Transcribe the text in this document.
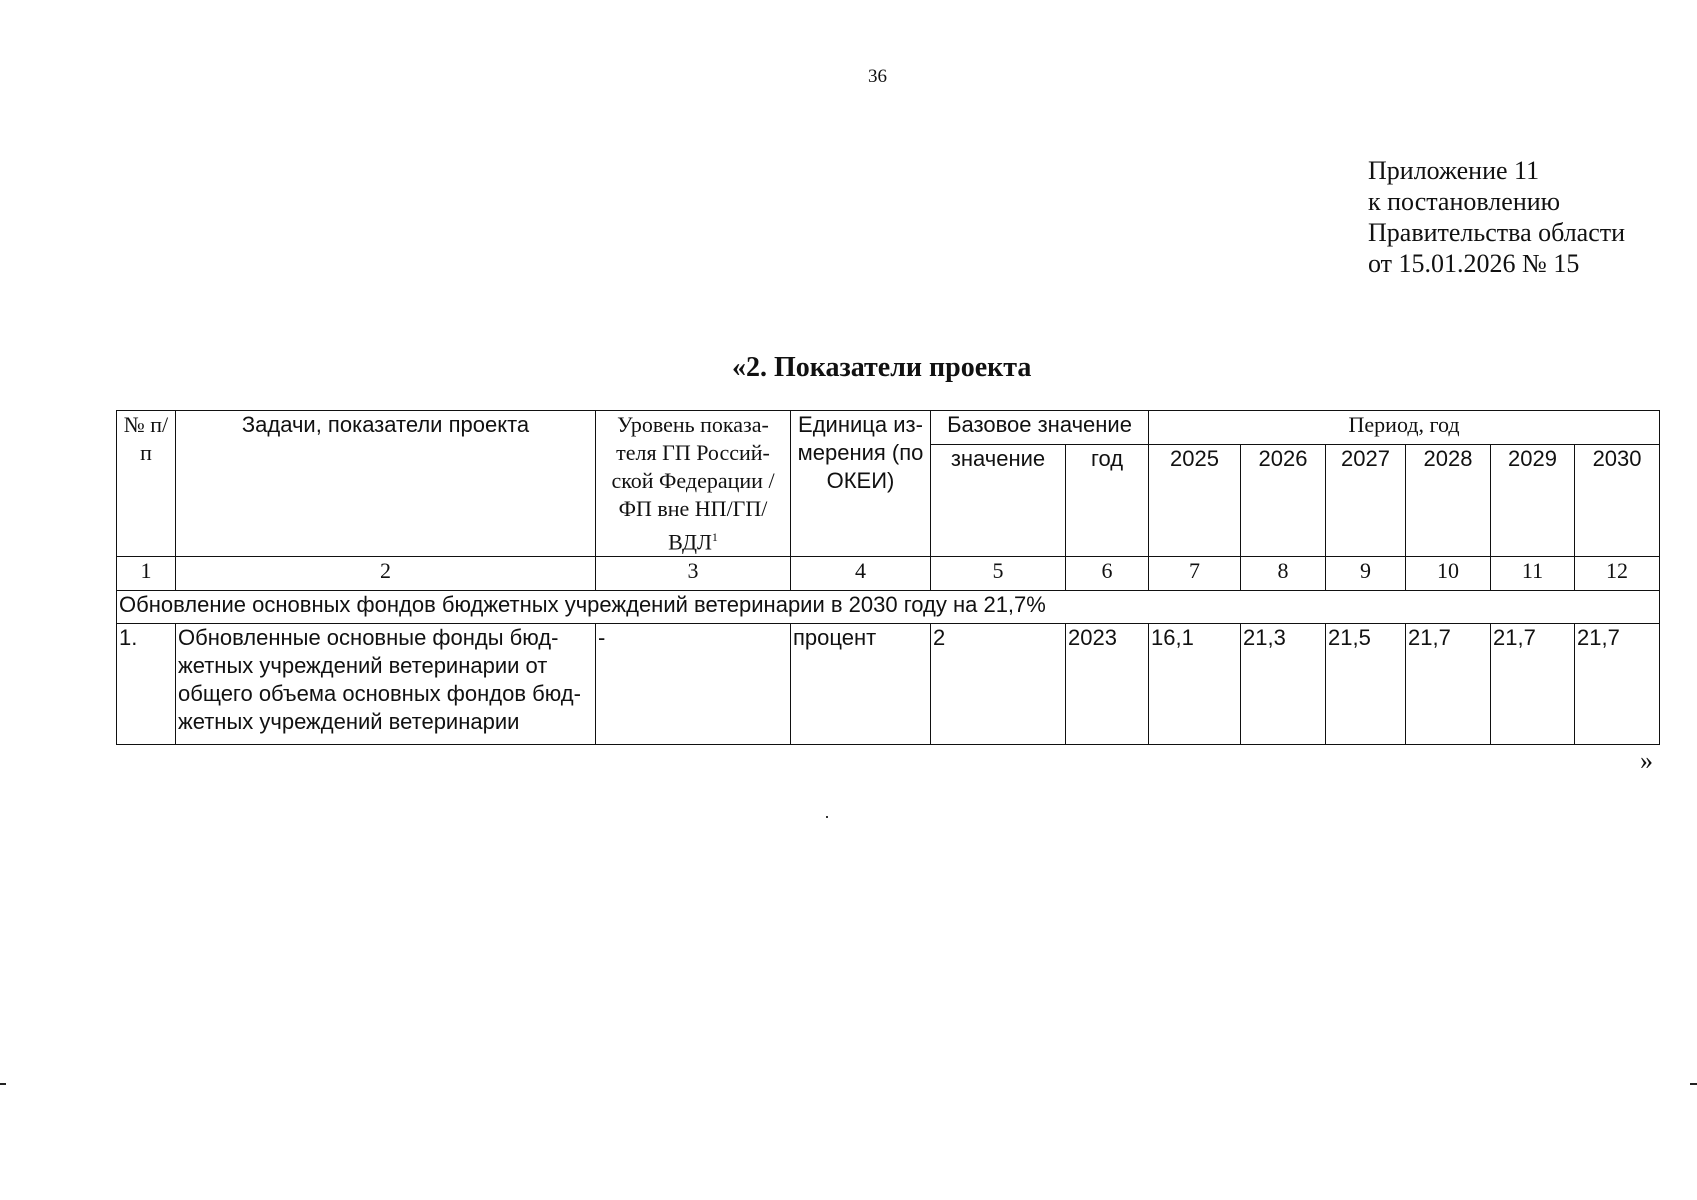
36
Приложение 11
к постановлению
Правительства области
от 15.01.2026 № 15
«2. Показатели проекта
№ п/п	Задачи, показатели проекта	Уровень показа-теля ГП Россий-ской Федерации / ФП вне НП/ГП/ВДЛ$^1$	Единица из-мерения (по ОКЕИ)	Базовое значение		Период, год					
				значение	год	2025	2026	2027	2028	2029	2030
1	2	3	4	5	6	7	8	9	10	11	12
Обновление основных фондов бюджетных учреждений ветеринарии в 2030 году на 21,7%											
1.	Обновленные основные фонды бюд-жетных учреждений ветеринарии от общего объема основных фондов бюд-жетных учреждений ветеринарии	-	процент	2	2023	16,1	21,3	21,5	21,7	21,7	21,7
»
